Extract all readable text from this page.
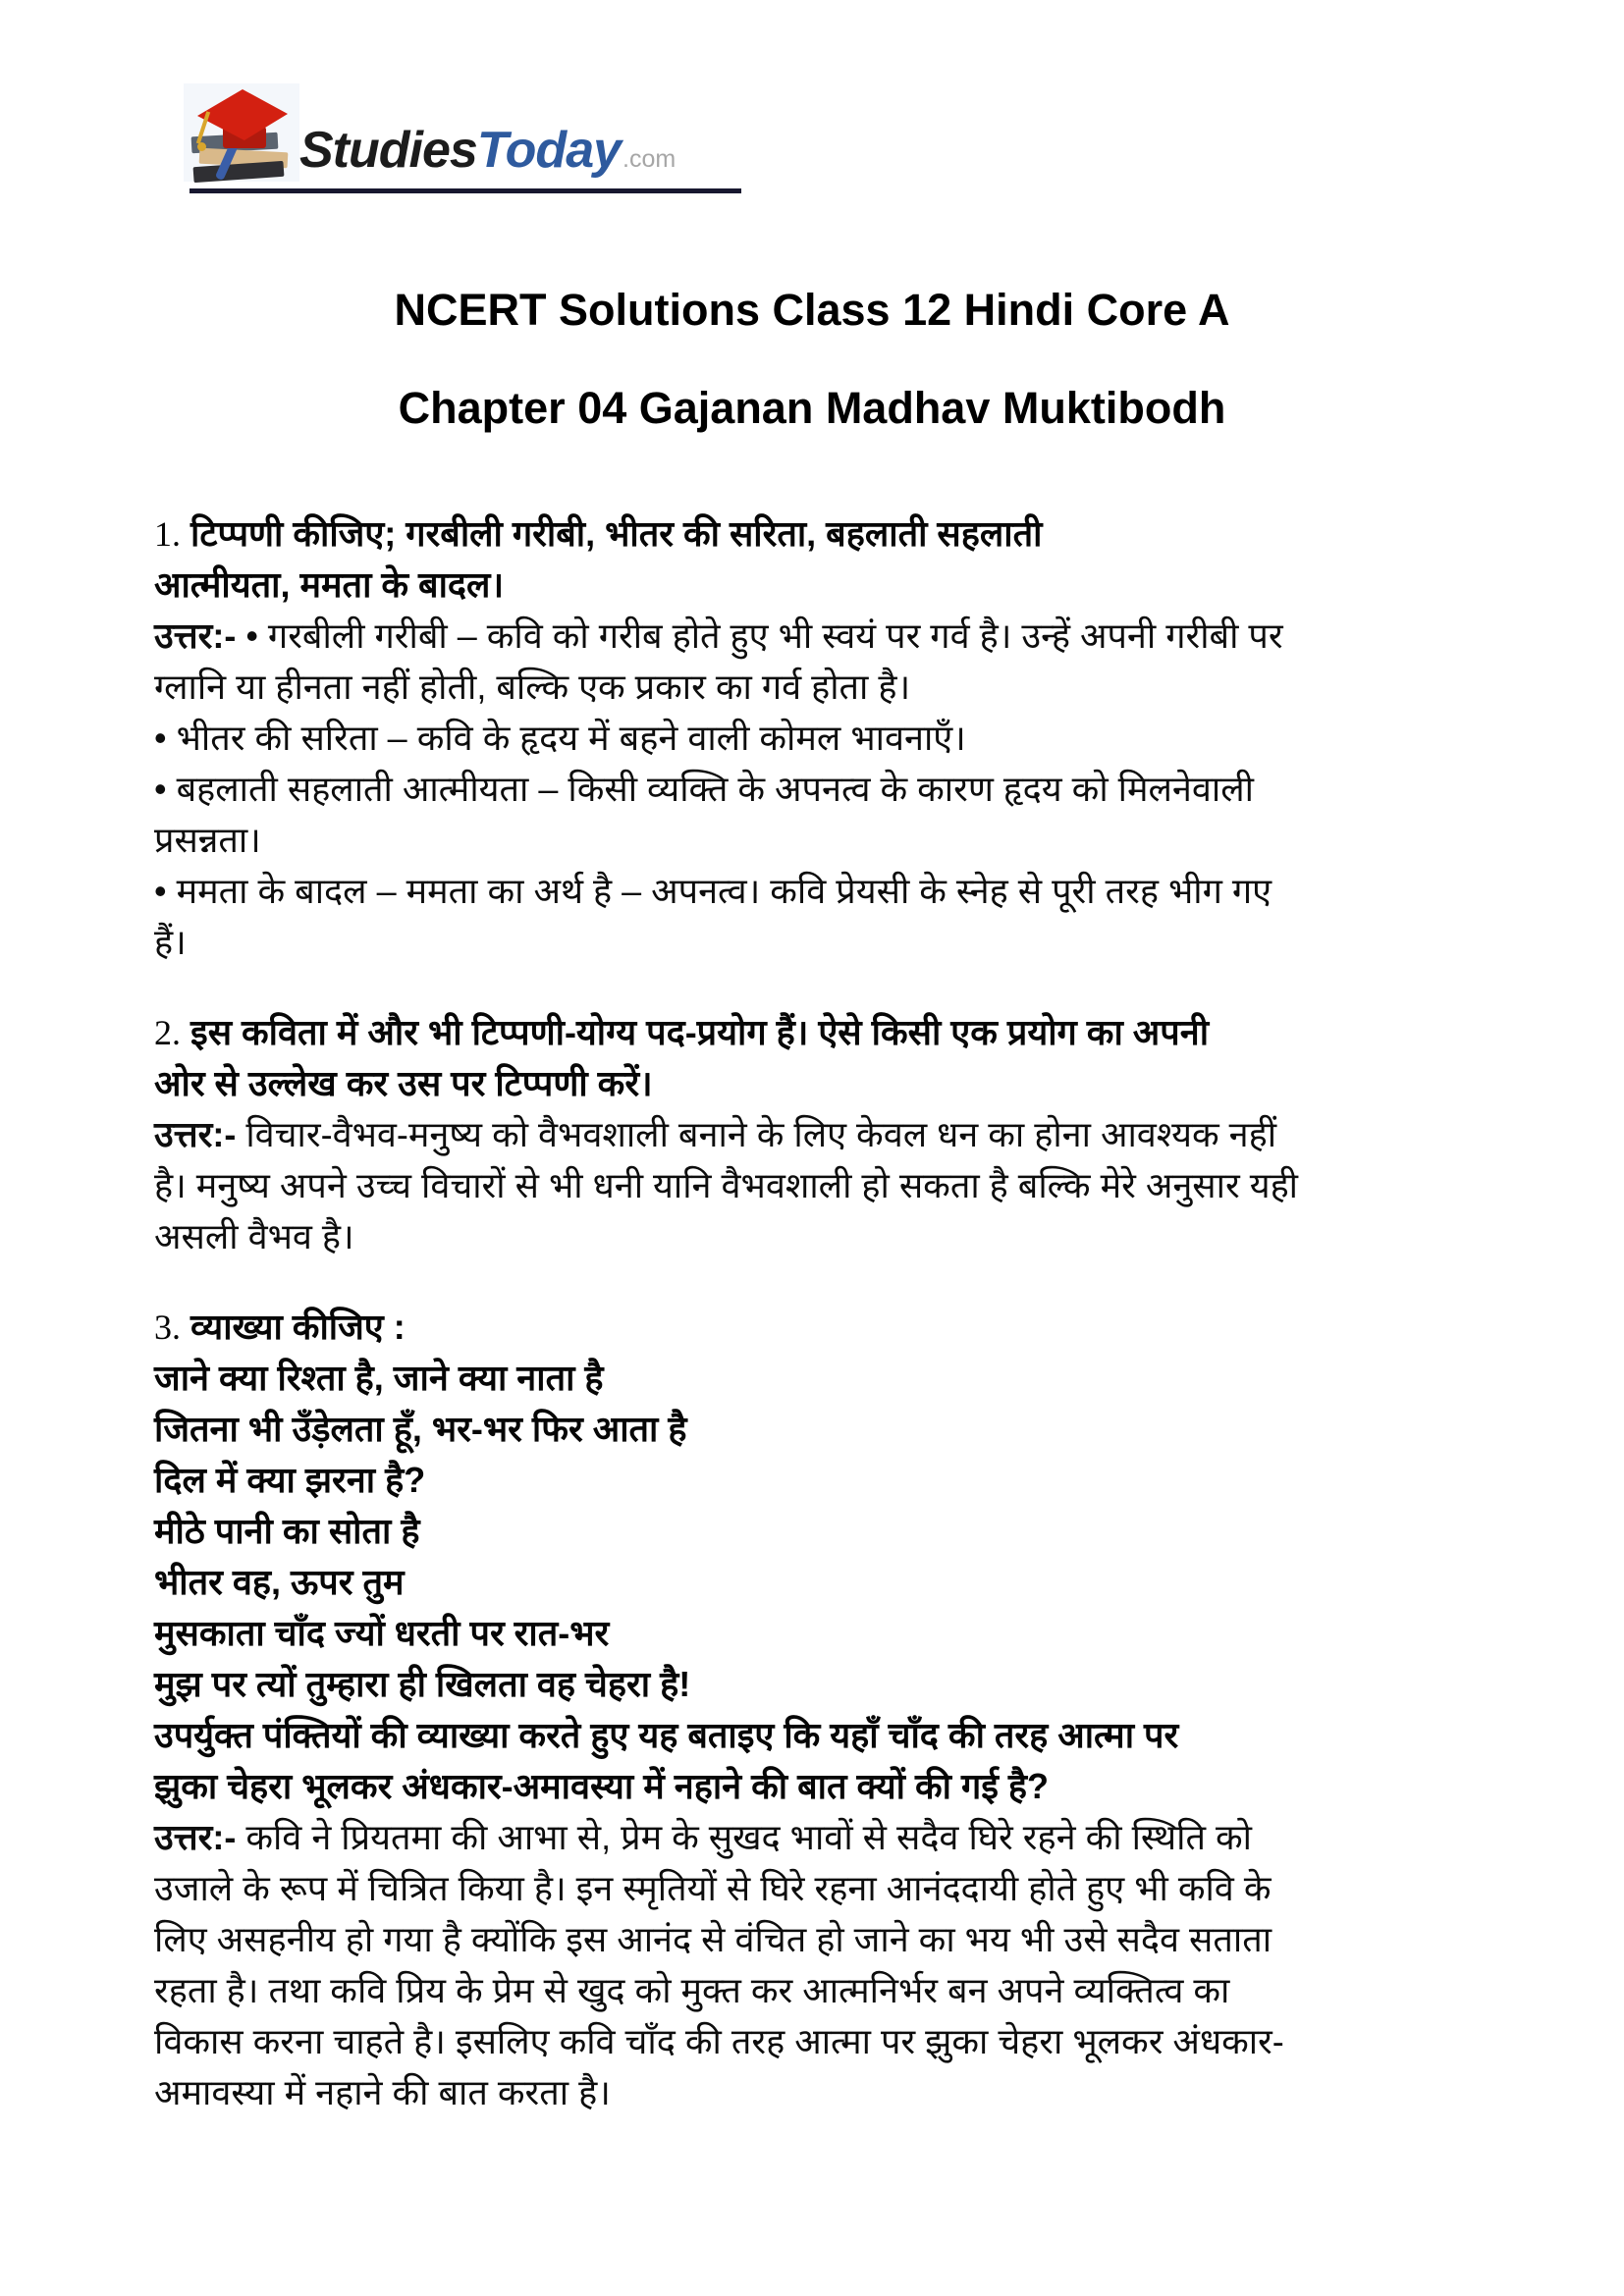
StudiesToday.com
NCERT Solutions Class 12 Hindi Core A
Chapter 04 Gajanan Madhav Muktibodh
1. टिप्पणी कीजिए; गरबीली गरीबी, भीतर की सरिता, बहलाती सहलाती
आत्मीयता, ममता के बादल।
उत्तर:- • गरबीली गरीबी – कवि को गरीब होते हुए भी स्वयं पर गर्व है। उन्हें अपनी गरीबी पर
ग्लानि या हीनता नहीं होती, बल्कि एक प्रकार का गर्व होता है।
• भीतर की सरिता – कवि के हृदय में बहने वाली कोमल भावनाएँ।
• बहलाती सहलाती आत्मीयता – किसी व्यक्ति के अपनत्व के कारण हृदय को मिलनेवाली
प्रसन्नता।
• ममता के बादल – ममता का अर्थ है – अपनत्व। कवि प्रेयसी के स्नेह से पूरी तरह भीग गए
हैं।
2. इस कविता में और भी टिप्पणी-योग्य पद-प्रयोग हैं। ऐसे किसी एक प्रयोग का अपनी
ओर से उल्लेख कर उस पर टिप्पणी करें।
उत्तर:- विचार-वैभव-मनुष्य को वैभवशाली बनाने के लिए केवल धन का होना आवश्यक नहीं
है। मनुष्य अपने उच्च विचारों से भी धनी यानि वैभवशाली हो सकता है बल्कि मेरे अनुसार यही
असली वैभव है।
3. व्याख्या कीजिए :
जाने क्या रिश्ता है, जाने क्या नाता है
जितना भी उँड़ेलता हूँ, भर-भर फिर आता है
दिल में क्या झरना है?
मीठे पानी का सोता है
भीतर वह, ऊपर तुम
मुसकाता चाँद ज्यों धरती पर रात-भर
मुझ पर त्यों तुम्हारा ही खिलता वह चेहरा है!
उपर्युक्त पंक्तियों की व्याख्या करते हुए यह बताइए कि यहाँ चाँद की तरह आत्मा पर
झुका चेहरा भूलकर अंधकार-अमावस्या में नहाने की बात क्यों की गई है?
उत्तर:- कवि ने प्रियतमा की आभा से, प्रेम के सुखद भावों से सदैव घिरे रहने की स्थिति को
उजाले के रूप में चित्रित किया है। इन स्मृतियों से घिरे रहना आनंददायी होते हुए भी कवि के
लिए असहनीय हो गया है क्योंकि इस आनंद से वंचित हो जाने का भय भी उसे सदैव सताता
रहता है। तथा कवि प्रिय के प्रेम से खुद को मुक्त कर आत्मनिर्भर बन अपने व्यक्तित्व का
विकास करना चाहते है। इसलिए कवि चाँद की तरह आत्मा पर झुका चेहरा भूलकर अंधकार-
अमावस्या में नहाने की बात करता है।
